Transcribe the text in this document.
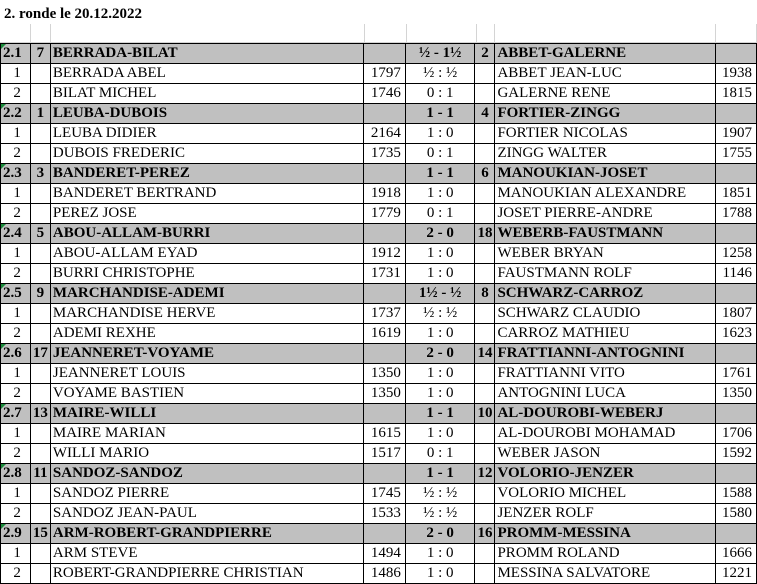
2. ronde le 20.12.2022
2.1	7	BERRADA-BILAT		½ - 1½	2	ABBET-GALERNE	
1		BERRADA ABEL	1797	½ : ½		ABBET JEAN-LUC	1938
2		BILAT MICHEL	1746	0 : 1		GALERNE RENE	1815
2.2	1	LEUBA-DUBOIS		1 - 1	4	FORTIER-ZINGG	
1		LEUBA DIDIER	2164	1 : 0		FORTIER NICOLAS	1907
2		DUBOIS FREDERIC	1735	0 : 1		ZINGG WALTER	1755
2.3	3	BANDERET-PEREZ		1 - 1	6	MANOUKIAN-JOSET	
1		BANDERET BERTRAND	1918	1 : 0		MANOUKIAN ALEXANDRE	1851
2		PEREZ JOSE	1779	0 : 1		JOSET PIERRE-ANDRE	1788
2.4	5	ABOU-ALLAM-BURRI		2 - 0	18	WEBERB-FAUSTMANN	
1		ABOU-ALLAM EYAD	1912	1 : 0		WEBER BRYAN	1258
2		BURRI CHRISTOPHE	1731	1 : 0		FAUSTMANN ROLF	1146
2.5	9	MARCHANDISE-ADEMI		1½ - ½	8	SCHWARZ-CARROZ	
1		MARCHANDISE HERVE	1737	½ : ½		SCHWARZ CLAUDIO	1807
2		ADEMI REXHE	1619	1 : 0		CARROZ MATHIEU	1623
2.6	17	JEANNERET-VOYAME		2 - 0	14	FRATTIANNI-ANTOGNINI	
1		JEANNERET LOUIS	1350	1 : 0		FRATTIANNI VITO	1761
2		VOYAME BASTIEN	1350	1 : 0		ANTOGNINI LUCA	1350
2.7	13	MAIRE-WILLI		1 - 1	10	AL-DOUROBI-WEBERJ	
1		MAIRE MARIAN	1615	1 : 0		AL-DOUROBI MOHAMAD	1706
2		WILLI MARIO	1517	0 : 1		WEBER JASON	1592
2.8	11	SANDOZ-SANDOZ		1 - 1	12	VOLORIO-JENZER	
1		SANDOZ PIERRE	1745	½ : ½		VOLORIO MICHEL	1588
2		SANDOZ JEAN-PAUL	1533	½ : ½		JENZER ROLF	1580
2.9	15	ARM-ROBERT-GRANDPIERRE		2 - 0	16	PROMM-MESSINA	
1		ARM STEVE	1494	1 : 0		PROMM ROLAND	1666
2		ROBERT-GRANDPIERRE CHRISTIAN	1486	1 : 0		MESSINA SALVATORE	1221
